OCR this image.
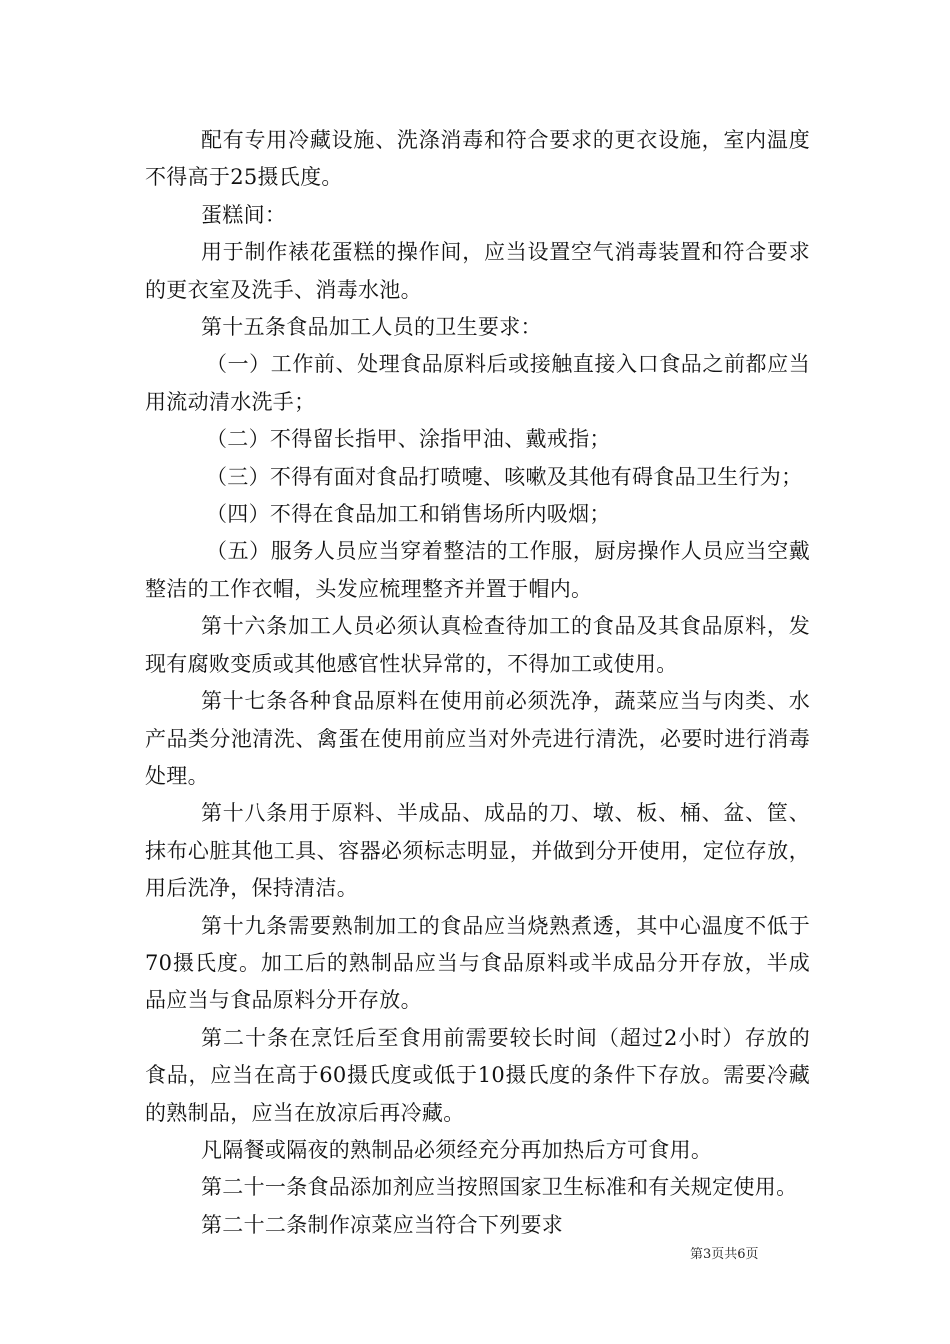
配有专用冷藏设施、洗涤消毒和符合要求的更衣设施，室内温度不得高于25摄氏度。

蛋糕间：

用于制作裱花蛋糕的操作间，应当设置空气消毒装置和符合要求的更衣室及洗手、消毒水池。

第十五条食品加工人员的卫生要求：

（一）工作前、处理食品原料后或接触直接入口食品之前都应当用流动清水洗手；

（二）不得留长指甲、涂指甲油、戴戒指；

（三）不得有面对食品打喷嚏、咳嗽及其他有碍食品卫生行为；

（四）不得在食品加工和销售场所内吸烟；

（五）服务人员应当穿着整洁的工作服，厨房操作人员应当空戴整洁的工作衣帽，头发应梳理整齐并置于帽内。

第十六条加工人员必须认真检查待加工的食品及其食品原料，发现有腐败变质或其他感官性状异常的，不得加工或使用。

第十七条各种食品原料在使用前必须洗净，蔬菜应当与肉类、水产品类分池清洗、禽蛋在使用前应当对外壳进行清洗，必要时进行消毒处理。

第十八条用于原料、半成品、成品的刀、墩、板、桶、盆、筐、抹布心脏其他工具、容器必须标志明显，并做到分开使用，定位存放，用后洗净，保持清洁。

第十九条需要熟制加工的食品应当烧熟煮透，其中心温度不低于70摄氏度。加工后的熟制品应当与食品原料或半成品分开存放，半成品应当与食品原料分开存放。

第二十条在烹饪后至食用前需要较长时间（超过2小时）存放的食品，应当在高于60摄氏度或低于10摄氏度的条件下存放。需要冷藏的熟制品，应当在放凉后再冷藏。

凡隔餐或隔夜的熟制品必须经充分再加热后方可食用。

第二十一条食品添加剂应当按照国家卫生标准和有关规定使用。

第二十二条制作凉菜应当符合下列要求

第3页共6页
